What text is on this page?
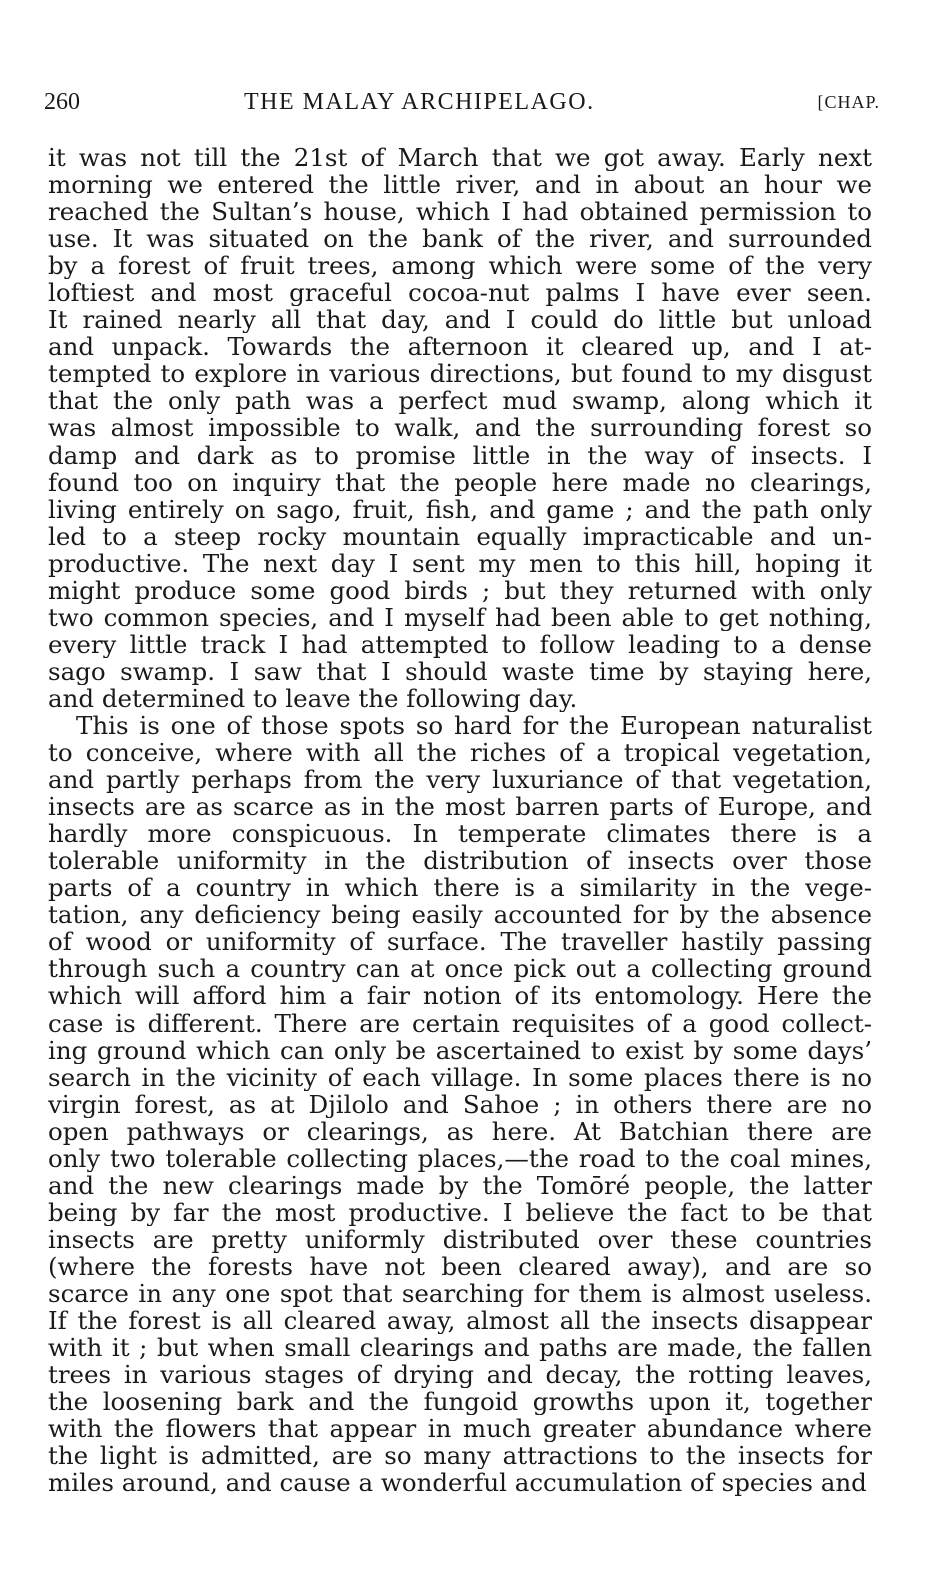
260	THE MALAY ARCHIPELAGO.	[CHAP.
it was not till the 21st of March that we got away. Early next
morning we entered the little river, and in about an hour we
reached the Sultan’s house, which I had obtained permission to
use. It was situated on the bank of the river, and surrounded
by a forest of fruit trees, among which were some of the very
loftiest and most graceful cocoa-nut palms I have ever seen.
It rained nearly all that day, and I could do little but unload
and unpack. Towards the afternoon it cleared up, and I at-
tempted to explore in various directions, but found to my disgust
that the only path was a perfect mud swamp, along which it
was almost impossible to walk, and the surrounding forest so
damp and dark as to promise little in the way of insects. I
found too on inquiry that the people here made no clearings,
living entirely on sago, fruit, fish, and game ; and the path only
led to a steep rocky mountain equally impracticable and un-
productive. The next day I sent my men to this hill, hoping it
might produce some good birds ; but they returned with only
two common species, and I myself had been able to get nothing,
every little track I had attempted to follow leading to a dense
sago swamp. I saw that I should waste time by staying here,
and determined to leave the following day.
This is one of those spots so hard for the European naturalist
to conceive, where with all the riches of a tropical vegetation,
and partly perhaps from the very luxuriance of that vegetation,
insects are as scarce as in the most barren parts of Europe, and
hardly more conspicuous. In temperate climates there is a
tolerable uniformity in the distribution of insects over those
parts of a country in which there is a similarity in the vege-
tation, any deficiency being easily accounted for by the absence
of wood or uniformity of surface. The traveller hastily passing
through such a country can at once pick out a collecting ground
which will afford him a fair notion of its entomology. Here the
case is different. There are certain requisites of a good collect-
ing ground which can only be ascertained to exist by some days’
search in the vicinity of each village. In some places there is no
virgin forest, as at Djilolo and Sahoe ; in others there are no
open pathways or clearings, as here. At Batchian there are
only two tolerable collecting places,—the road to the coal mines,
and the new clearings made by the Tomōré people, the latter
being by far the most productive. I believe the fact to be that
insects are pretty uniformly distributed over these countries
(where the forests have not been cleared away), and are so
scarce in any one spot that searching for them is almost useless.
If the forest is all cleared away, almost all the insects disappear
with it ; but when small clearings and paths are made, the fallen
trees in various stages of drying and decay, the rotting leaves,
the loosening bark and the fungoid growths upon it, together
with the flowers that appear in much greater abundance where
the light is admitted, are so many attractions to the insects for
miles around, and cause a wonderful accumulation of species and
